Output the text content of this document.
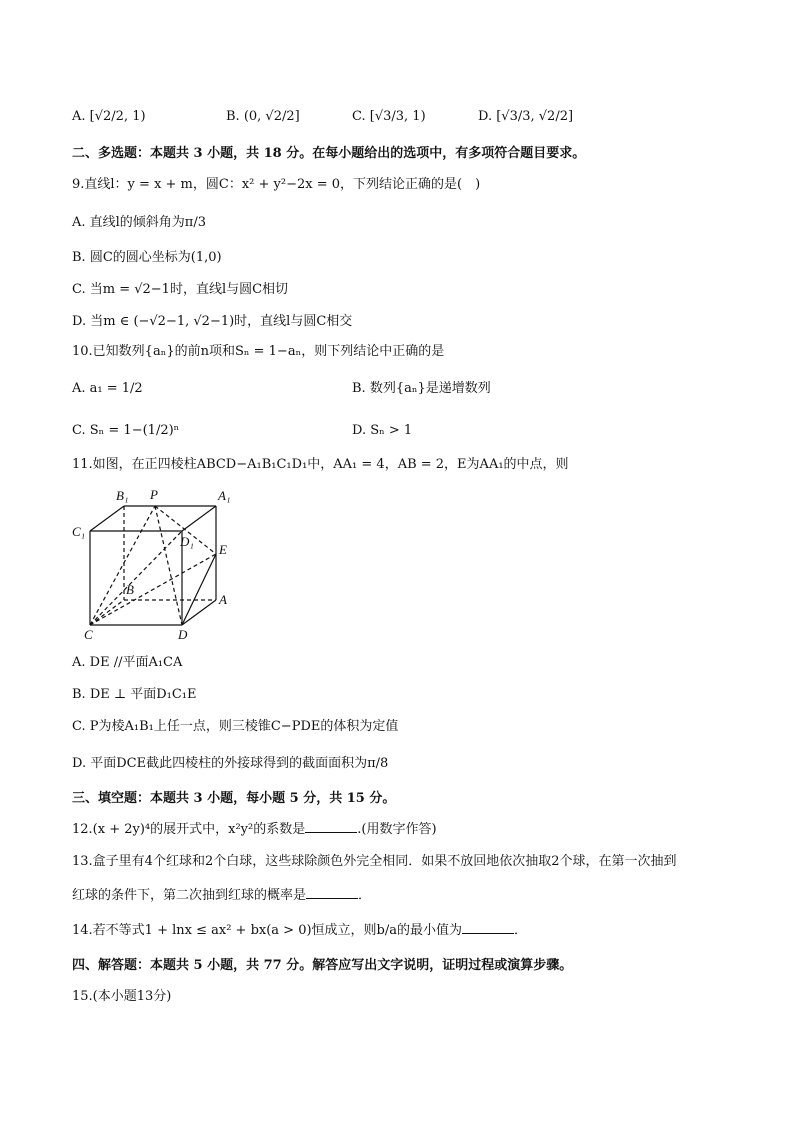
A. [√2/2, 1)	B. (0, √2/2]	C. [√3/3, 1)	D. [√3/3, √2/2]
二、多选题：本题共 3 小题，共 18 分。在每小题给出的选项中，有多项符合题目要求。
9.直线l：y = x + m，圆C：x² + y²−2x = 0，下列结论正确的是(　)
A. 直线l的倾斜角为π/3
B. 圆C的圆心坐标为(1,0)
C. 当m = √2−1时，直线l与圆C相切
D. 当m ∈ (−√2−1, √2−1)时，直线l与圆C相交
10.已知数列{aₙ}的前n项和Sₙ = 1−aₙ，则下列结论中正确的是
A. a₁ = 1/2	B. 数列{aₙ}是递增数列
C. Sₙ = 1−(1/2)ⁿ	D. Sₙ > 1
11.如图，在正四棱柱ABCD−A₁B₁C₁D₁中，AA₁ = 4，AB = 2，E为AA₁的中点，则
B₁ P	A₁
C₁
D₁
E
B
A
C	D
A. DE //平面A₁CA
B. DE ⊥ 平面D₁C₁E
C. P为棱A₁B₁上任一点，则三棱锥C−PDE的体积为定值
D. 平面DCE截此四棱柱的外接球得到的截面面积为π/8
三、填空题：本题共 3 小题，每小题 5 分，共 15 分。
12.(x + 2y)⁴的展开式中，x²y²的系数是	.(用数字作答)
13.盒子里有4个红球和2个白球，这些球除颜色外完全相同．如果不放回地依次抽取2个球，在第一次抽到
红球的条件下，第二次抽到红球的概率是	．
14.若不等式1 + lnx ≤ ax² + bx(a > 0)恒成立，则b/a的最小值为	．
四、解答题：本题共 5 小题，共 77 分。解答应写出文字说明，证明过程或演算步骤。
15.(本小题13分)
